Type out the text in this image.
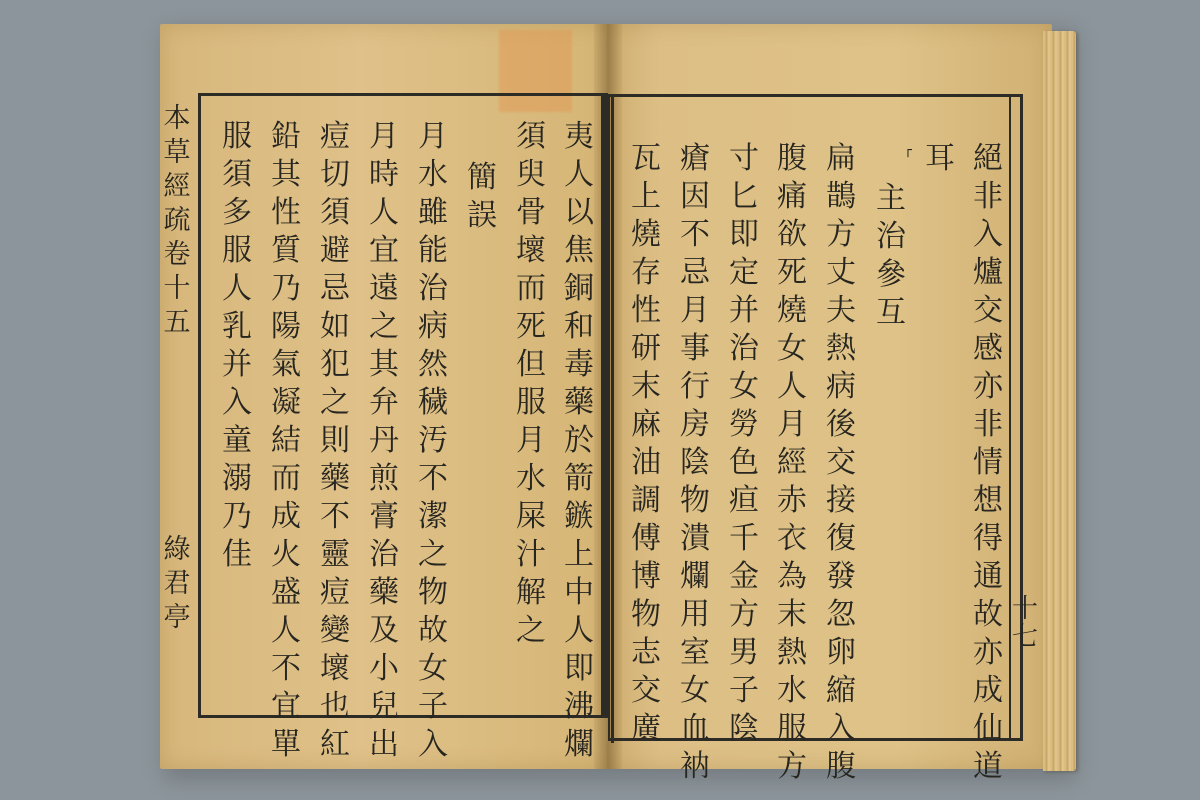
本
草
經
疏
卷
十
五
綠
君
亭
夷
人
以
焦
銅
和
毒
藥
於
箭
鏃
上
中
人
即
沸
爛
須
臾
骨
壞
而
死
但
服
月
水
屎
汁
解
之
簡
誤
月
水
雖
能
治
病
然
穢
汚
不
潔
之
物
故
女
子
入
月
時
人
宜
遠
之
其
弁
丹
煎
膏
治
藥
及
小
兒
出
痘
切
須
避
忌
如
犯
之
則
藥
不
靈
痘
變
壞
也
紅
鉛
其
性
質
乃
陽
氣
凝
結
而
成
火
盛
人
不
宜
單
服
須
多
服
人
乳
并
入
童
溺
乃
佳
絕
非
入
爐
交
感
亦
非
情
想
得
通
故
亦
成
仙
道
耳
┌
主
治
參
互
扁
鵲
方
丈
夫
熱
病
後
交
接
復
發
忽
卵
縮
入
腹
腹
痛
欲
死
燒
女
人
月
經
赤
衣
為
末
熱
水
服
方
寸
匕
即
定
并
治
女
勞
色
疸
千
金
方
男
子
陰
瘡
因
不
忌
月
事
行
房
陰
物
潰
爛
用
室
女
血
衲
瓦
上
燒
存
性
研
末
麻
油
調
傅
博
物
志
交
廣
十
七
